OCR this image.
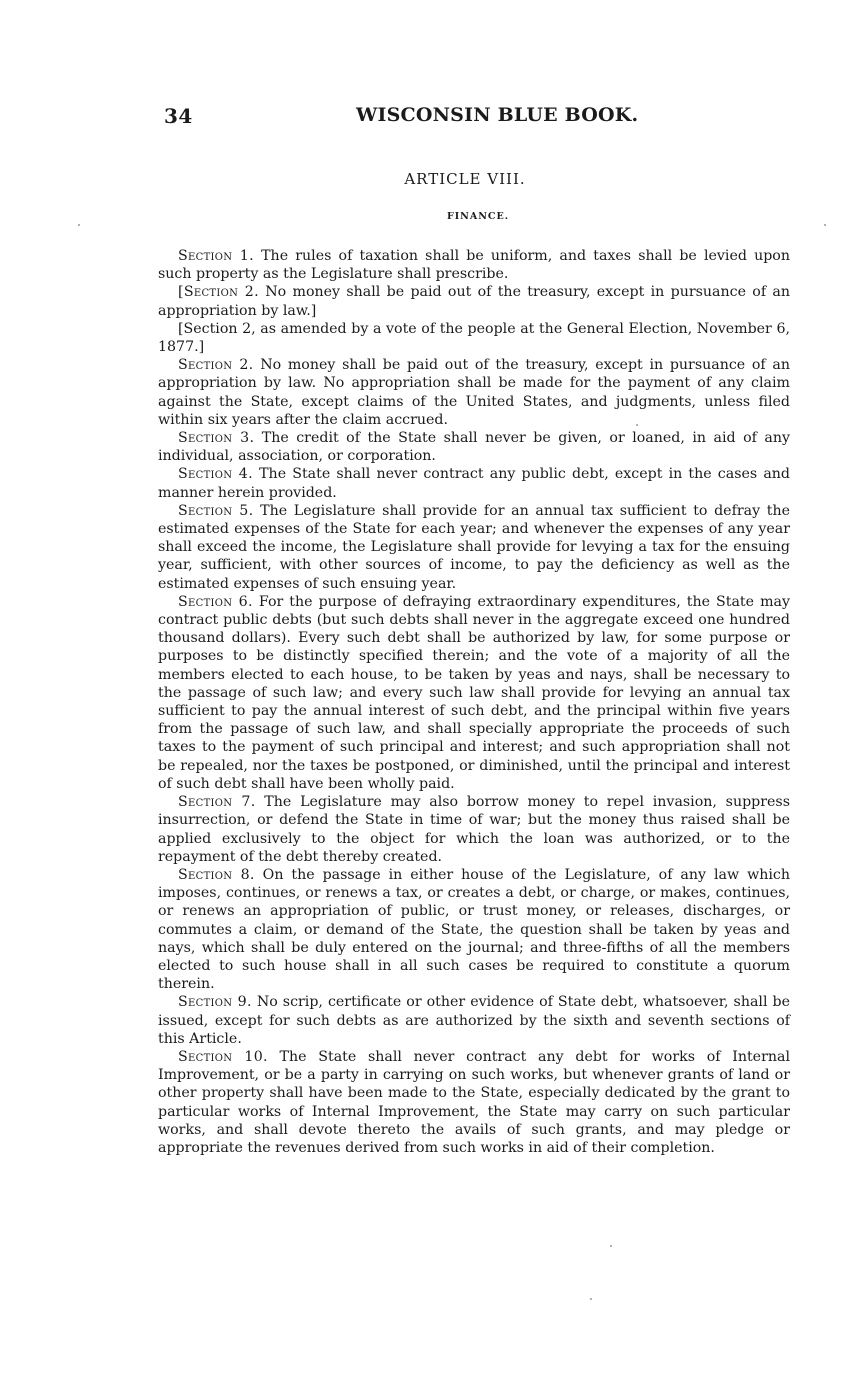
34	WISCONSIN BLUE BOOK.
ARTICLE VIII.
FINANCE.

Section 1. The rules of taxation shall be uniform, and taxes shall be levied upon such property as the Legislature shall prescribe.

[Section 2. No money shall be paid out of the treasury, except in pursuance of an appropriation by law.]

[Section 2, as amended by a vote of the people at the General Election, November 6, 1877.]

Section 2. No money shall be paid out of the treasury, except in pursuance of an appropriation by law. No appropriation shall be made for the payment of any claim against the State, except claims of the United States, and judgments, unless filed within six years after the claim accrued.

Section 3. The credit of the State shall never be given, or loaned, in aid of any individual, association, or corporation.

Section 4. The State shall never contract any public debt, except in the cases and manner herein provided.

Section 5. The Legislature shall provide for an annual tax sufficient to defray the estimated expenses of the State for each year; and whenever the expenses of any year shall exceed the income, the Legislature shall provide for levying a tax for the ensuing year, sufficient, with other sources of income, to pay the deficiency as well as the estimated expenses of such ensuing year.

Section 6. For the purpose of defraying extraordinary expenditures, the State may contract public debts (but such debts shall never in the aggregate exceed one hundred thousand dollars). Every such debt shall be authorized by law, for some purpose or purposes to be distinctly specified therein; and the vote of a majority of all the members elected to each house, to be taken by yeas and nays, shall be necessary to the passage of such law; and every such law shall provide for levying an annual tax sufficient to pay the annual interest of such debt, and the principal within five years from the passage of such law, and shall specially appropriate the proceeds of such taxes to the payment of such principal and interest; and such appropriation shall not be repealed, nor the taxes be postponed, or diminished, until the principal and interest of such debt shall have been wholly paid.

Section 7. The Legislature may also borrow money to repel invasion, suppress insurrection, or defend the State in time of war; but the money thus raised shall be applied exclusively to the object for which the loan was authorized, or to the repayment of the debt thereby created.

Section 8. On the passage in either house of the Legislature, of any law which imposes, continues, or renews a tax, or creates a debt, or charge, or makes, continues, or renews an appropriation of public, or trust money, or releases, discharges, or commutes a claim, or demand of the State, the question shall be taken by yeas and nays, which shall be duly entered on the journal; and three-fifths of all the members elected to such house shall in all such cases be required to constitute a quorum therein.

Section 9. No scrip, certificate or other evidence of State debt, whatsoever, shall be issued, except for such debts as are authorized by the sixth and seventh sections of this Article.

Section 10. The State shall never contract any debt for works of Internal Improvement, or be a party in carrying on such works, but whenever grants of land or other property shall have been made to the State, especially dedicated by the grant to particular works of Internal Improvement, the State may carry on such particular works, and shall devote thereto the avails of such grants, and may pledge or appropriate the revenues derived from such works in aid of their completion.
